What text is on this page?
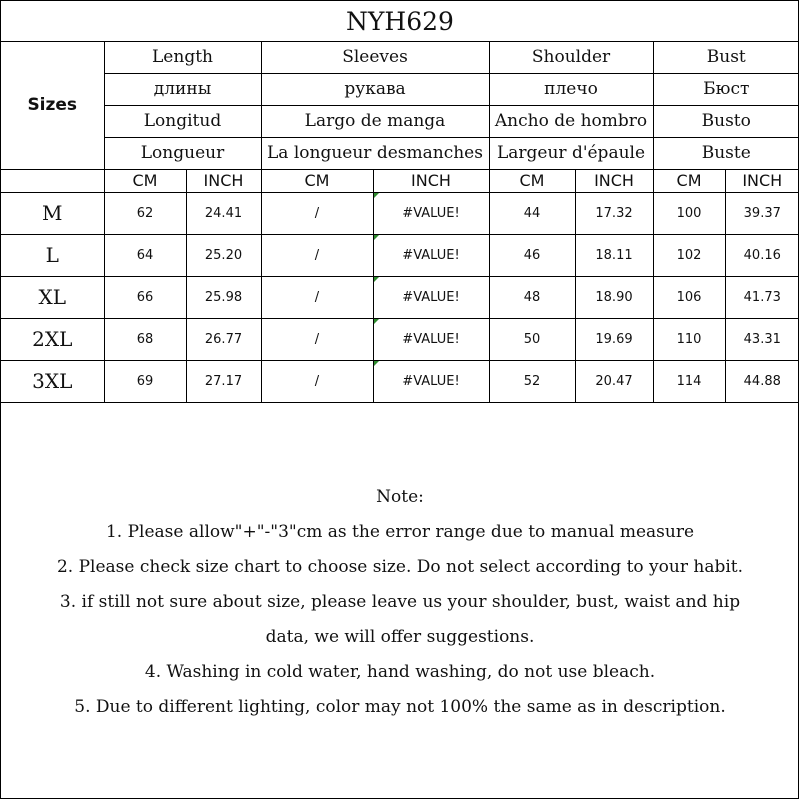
NYH629
Sizes	Length		Sleeves		Shoulder		Bust	
	длины		рукава		плечо		Бюст	
	Longitud		Largo de manga		Ancho de hombro		Busto	
	Longueur		La longueur desmanches		Largeur d'épaule		Buste	
	CM	INCH	CM	INCH	CM	INCH	CM	INCH
M	62	24.41	/	#VALUE!	44	17.32	100	39.37
L	64	25.20	/	#VALUE!	46	18.11	102	40.16
XL	66	25.98	/	#VALUE!	48	18.90	106	41.73
2XL	68	26.77	/	#VALUE!	50	19.69	110	43.31
3XL	69	27.17	/	#VALUE!	52	20.47	114	44.88
Note:
1. Please allow"+"-"3"cm as the error range due to manual measure
2. Please check size chart to choose size. Do not select according to your habit.
3. if still not sure about size, please leave us your shoulder, bust, waist and hip
data, we will offer suggestions.
4. Washing in cold water, hand washing, do not use bleach.
5. Due to different lighting, color may not 100% the same as in description.
